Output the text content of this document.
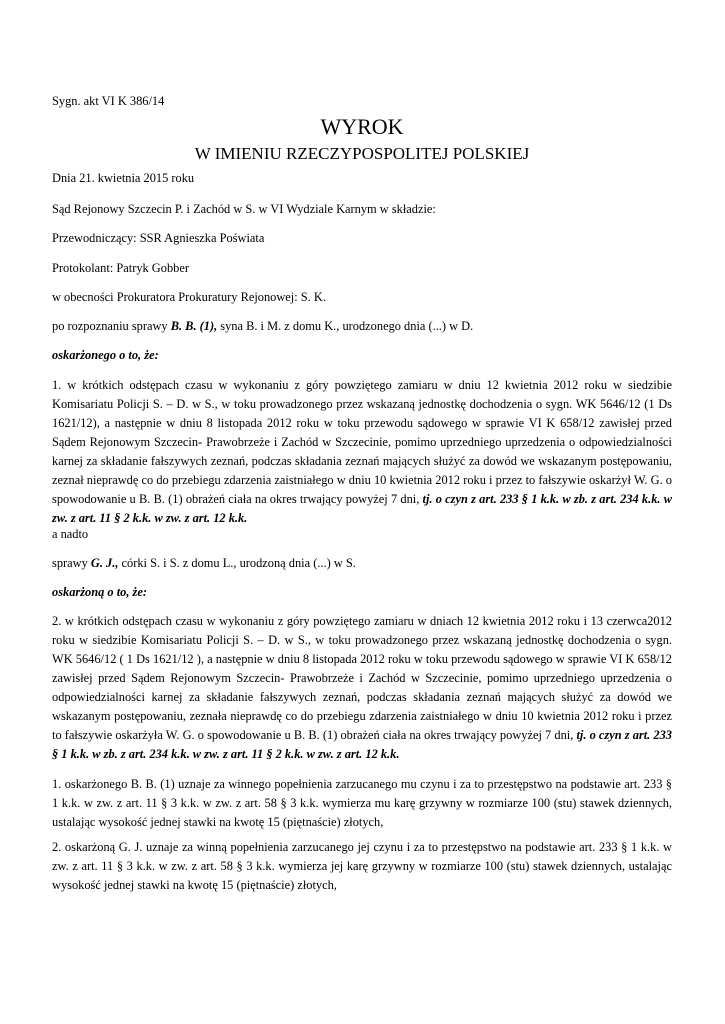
Sygn. akt VI K 386/14

WYROK
W IMIENIU RZECZYPOSPOLITEJ POLSKIEJ

Dnia 21. kwietnia 2015 roku

Sąd Rejonowy Szczecin P. i Zachód w S. w VI Wydziale Karnym w składzie:

Przewodniczący: SSR Agnieszka Poświata

Protokolant: Patryk Gobber

w obecności Prokuratora Prokuratury Rejonowej: S. K.

po rozpoznaniu sprawy B. B. (1), syna B. i M. z domu K., urodzonego dnia (...) w D.

oskarżonego o to, że:

1. w krótkich odstępach czasu w wykonaniu z góry powziętego zamiaru w dniu 12 kwietnia 2012 roku w siedzibie Komisariatu Policji S. – D. w S., w toku prowadzonego przez wskazaną jednostkę dochodzenia o sygn. WK 5646/12 (1 Ds 1621/12), a następnie w dniu 8 listopada 2012 roku w toku przewodu sądowego w sprawie VI K 658/12 zawisłej przed Sądem Rejonowym Szczecin- Prawobrzeże i Zachód w Szczecinie, pomimo uprzedniego uprzedzenia o odpowiedzialności karnej za składanie fałszywych zeznań, podczas składania zeznań mających służyć za dowód we wskazanym postępowaniu, zeznał nieprawdę co do przebiegu zdarzenia zaistniałego w dniu 10 kwietnia 2012 roku i przez to fałszywie oskarżył W. G. o spowodowanie u B. B. (1) obrażeń ciała na okres trwający powyżej 7 dni, tj. o czyn z art. 233 § 1 k.k. w zb. z art. 234 k.k. w zw. z art. 11 § 2 k.k. w zw. z art. 12 k.k.

a nadto

sprawy G. J., córki S. i S. z domu L., urodzoną dnia (...) w S.

oskarżoną o to, że:

2. w krótkich odstępach czasu w wykonaniu z góry powziętego zamiaru w dniach 12 kwietnia 2012 roku i 13 czerwca2012 roku w siedzibie Komisariatu Policji S. – D. w S., w toku prowadzonego przez wskazaną jednostkę dochodzenia o sygn. WK 5646/12 ( 1 Ds 1621/12 ), a następnie w dniu 8 listopada 2012 roku w toku przewodu sądowego w sprawie VI K 658/12 zawisłej przed Sądem Rejonowym Szczecin- Prawobrzeże i Zachód w Szczecinie, pomimo uprzedniego uprzedzenia o odpowiedzialności karnej za składanie fałszywych zeznań, podczas składania zeznań mających służyć za dowód we wskazanym postępowaniu, zeznała nieprawdę co do przebiegu zdarzenia zaistniałego w dniu 10 kwietnia 2012 roku i przez to fałszywie oskarżyła W. G. o spowodowanie u B. B. (1) obrażeń ciała na okres trwający powyżej 7 dni, tj. o czyn z art. 233 § 1 k.k. w zb. z art. 234 k.k. w zw. z art. 11 § 2 k.k. w zw. z art. 12 k.k.

1. oskarżonego B. B. (1) uznaje za winnego popełnienia zarzucanego mu czynu i za to przestępstwo na podstawie art. 233 § 1 k.k. w zw. z art. 11 § 3 k.k. w zw. z art. 58 § 3 k.k. wymierza mu karę grzywny w rozmiarze 100 (stu) stawek dziennych, ustalając wysokość jednej stawki na kwotę 15 (piętnaście) złotych,

2. oskarżoną G. J. uznaje za winną popełnienia zarzucanego jej czynu i za to przestępstwo na podstawie art. 233 § 1 k.k. w zw. z art. 11 § 3 k.k. w zw. z art. 58 § 3 k.k. wymierza jej karę grzywny w rozmiarze 100 (stu) stawek dziennych, ustalając wysokość jednej stawki na kwotę 15 (piętnaście) złotych,
